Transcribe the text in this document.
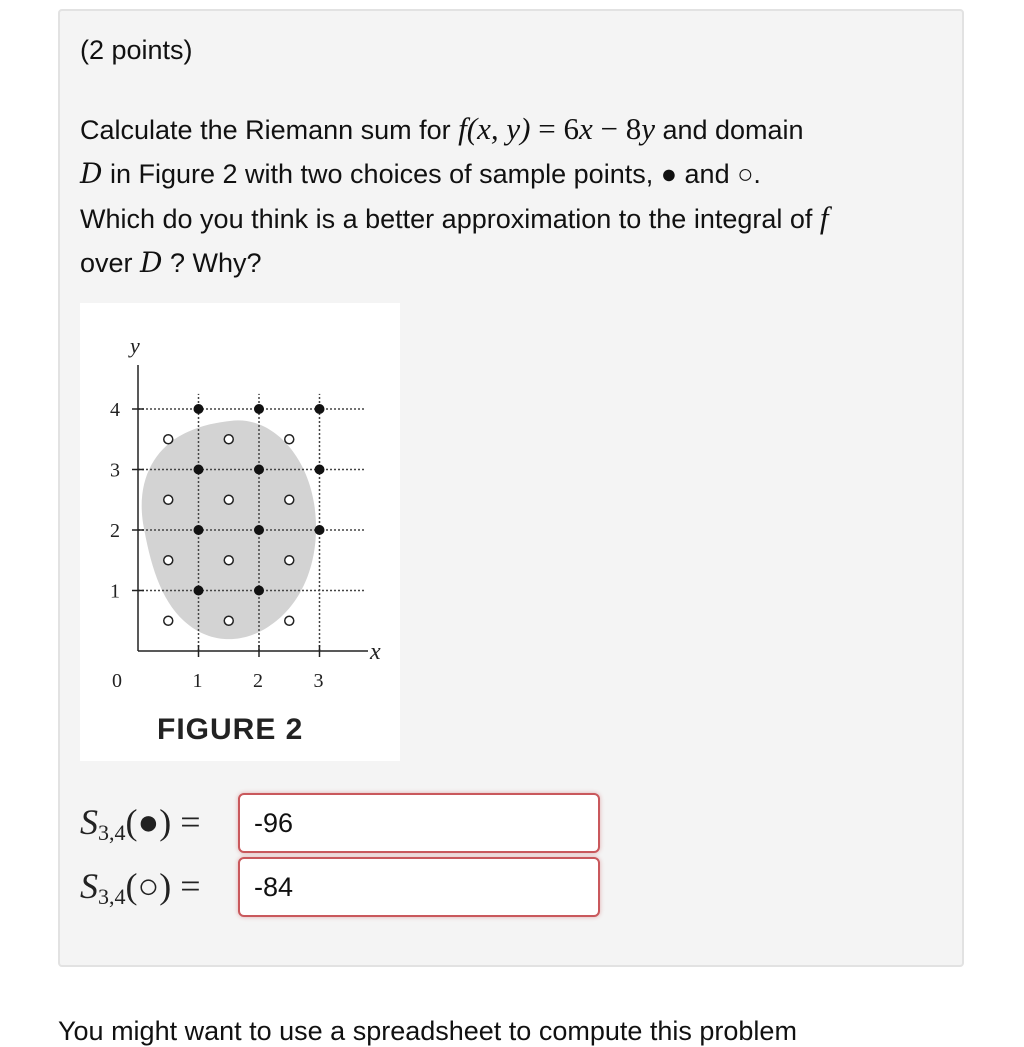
(2 points)
Calculate the Riemann sum for f(x, y) = 6x − 8y and domain
D in Figure 2 with two choices of sample points, ● and ○.
Which do you think is a better approximation to the integral of f
over D ? Why?
y
x
0	1	2	3
1
2
3
4
FIGURE 2
$S_{3,4}(●) = -96$
$S_{3,4}(○) = -84$
You might want to use a spreadsheet to compute this problem
